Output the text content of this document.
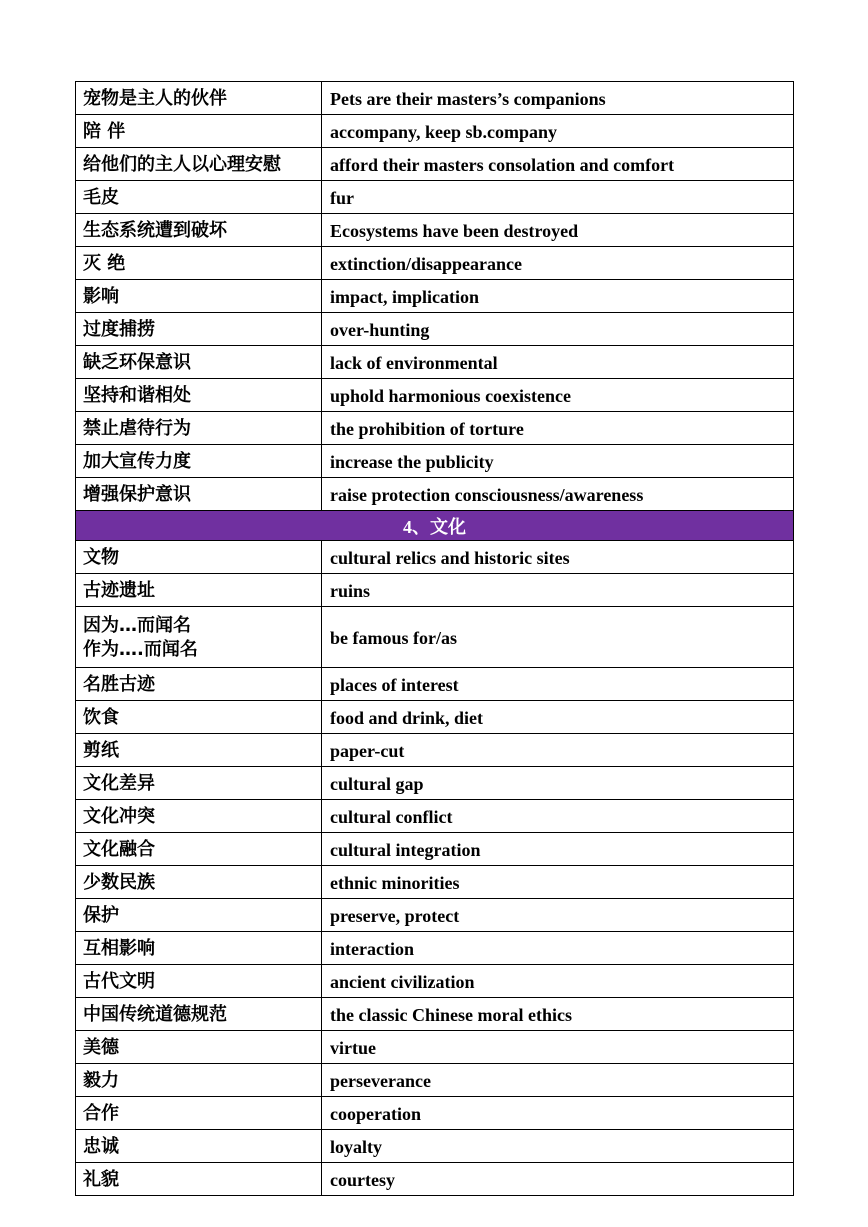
宠物是主人的伙伴	Pets are their masters’s companions
陪 伴	accompany, keep sb.company
给他们的主人以心理安慰	afford their masters consolation and comfort
毛皮	fur
生态系统遭到破坏	Ecosystems have been destroyed
灭 绝	extinction/disappearance
影响	impact, implication
过度捕捞	over-hunting
缺乏环保意识	lack of environmental
坚持和谐相处	uphold harmonious coexistence
禁止虐待行为	the prohibition of torture
加大宣传力度	increase the publicity
增强保护意识	raise protection consciousness/awareness
4、文化	
文物	cultural relics and historic sites
古迹遗址	ruins

因为…而闻名
作为….而闻名	be famous for/as
名胜古迹	places of interest
饮食	food and drink, diet
剪纸	paper-cut
文化差异	cultural gap
文化冲突	cultural conflict
文化融合	cultural integration
少数民族	ethnic minorities
保护	preserve, protect
互相影响	interaction
古代文明	ancient civilization
中国传统道德规范	the classic Chinese moral ethics
美德	virtue
毅力	perseverance
合作	cooperation
忠诚	loyalty
礼貌	courtesy
